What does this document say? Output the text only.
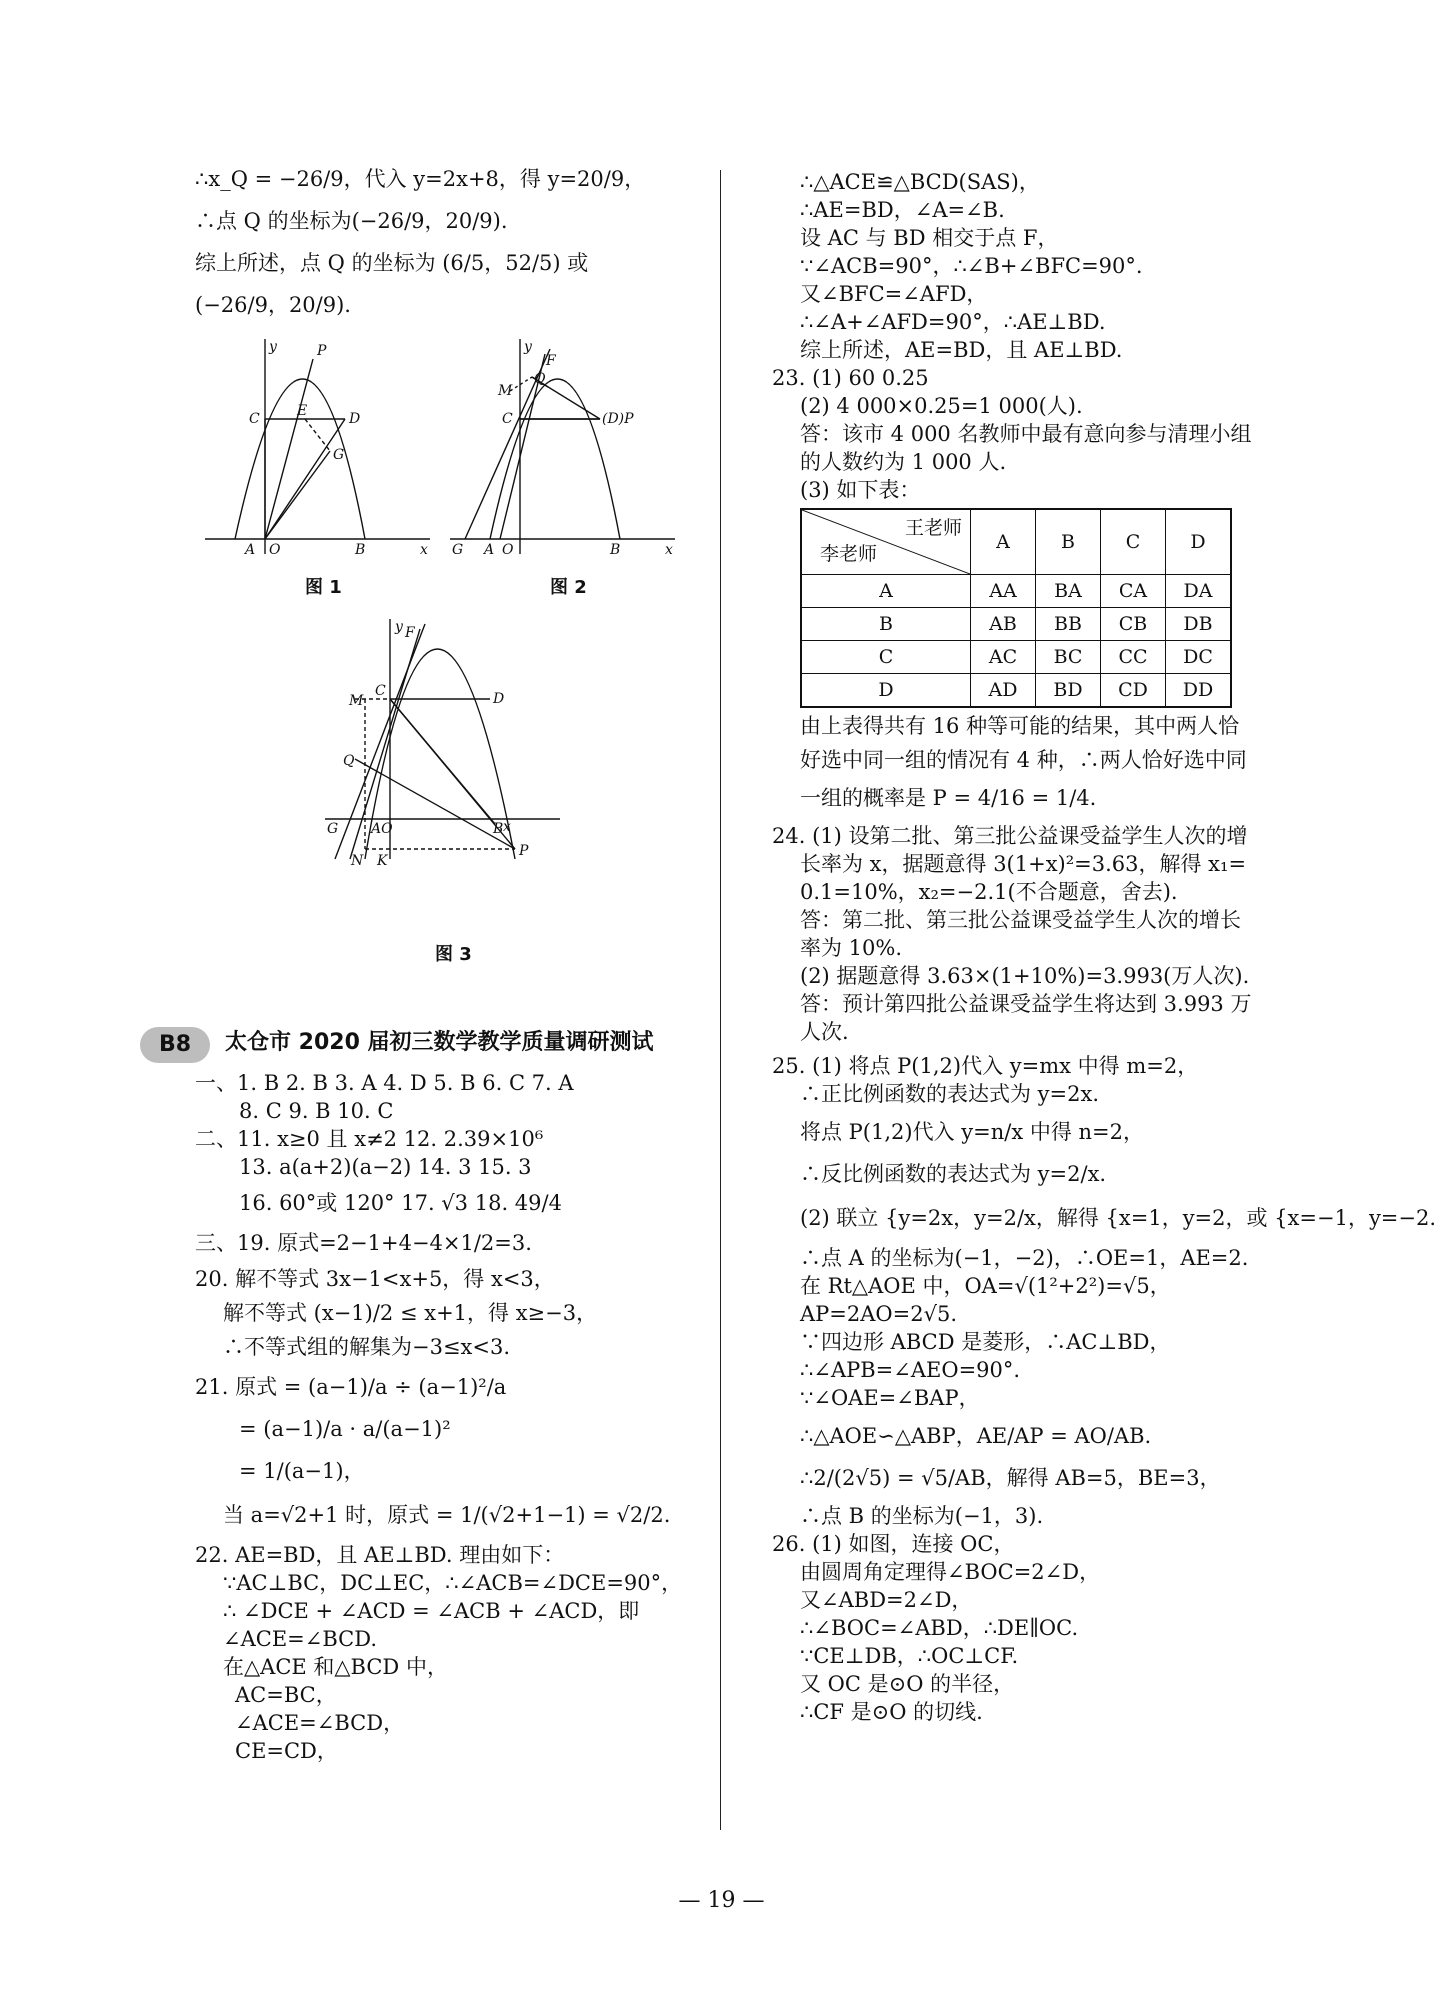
∴x_Q = −26/9，代入 y=2x+8，得 y=20/9，
∴点 Q 的坐标为(−26/9，20/9).
综上所述，点 Q 的坐标为 (6/5，52/5) 或
(−26/9，20/9).
A O	B	x
y	P
C	E	D
G
图 1
G A O	B	x
y
F
M
Q
C	(D)P
图 2
y F
M
C	D
Q
G AO	B x
N K
P
图 3
B8	太仓市 2020 届初三数学教学质量调研测试
一、1. B 2. B 3. A 4. D 5. B 6. C 7. A
8. C 9. B 10. C
二、11. x≥0 且 x≠2 12. 2.39×10⁶
13. a(a+2)(a−2) 14. 3 15. 3
16. 60°或 120° 17. √3 18. 49/4
三、19. 原式=2−1+4−4×1/2=3.
20. 解不等式 3x−1<x+5，得 x<3，
解不等式 (x−1)/2 ≤ x+1，得 x≥−3，
∴不等式组的解集为−3≤x<3.
21. 原式 = (a−1)/a ÷ (a−1)²/a
= (a−1)/a · a/(a−1)²
= 1/(a−1)，
当 a=√2+1 时，原式 = 1/(√2+1−1) = √2/2.
22. AE=BD，且 AE⊥BD. 理由如下：
∵AC⊥BC，DC⊥EC，∴∠ACB=∠DCE=90°，
∴ ∠DCE + ∠ACD = ∠ACB + ∠ACD，即
∠ACE=∠BCD.
在△ACE 和△BCD 中，
AC=BC，
∠ACE=∠BCD，
CE=CD，
∴△ACE≌△BCD(SAS)，
∴AE=BD，∠A=∠B.
设 AC 与 BD 相交于点 F，
∵∠ACB=90°，∴∠B+∠BFC=90°.
又∠BFC=∠AFD，
∴∠A+∠AFD=90°，∴AE⊥BD.
综上所述，AE=BD，且 AE⊥BD.
23. (1) 60 0.25
(2) 4 000×0.25=1 000(人).
答：该市 4 000 名教师中最有意向参与清理小组
的人数约为 1 000 人.
(3) 如下表：
王老师
李老师	A	B	C	D
A	AA	BA	CA	DA
B	AB	BB	CB	DB
C	AC	BC	CC	DC
D	AD	BD	CD	DD
由上表得共有 16 种等可能的结果，其中两人恰
好选中同一组的情况有 4 种，∴两人恰好选中同
一组的概率是 P = 4/16 = 1/4.
24. (1) 设第二批、第三批公益课受益学生人次的增
长率为 x，据题意得 3(1+x)²=3.63，解得 x₁=
0.1=10%，x₂=−2.1(不合题意，舍去).
答：第二批、第三批公益课受益学生人次的增长
率为 10%.
(2) 据题意得 3.63×(1+10%)=3.993(万人次).
答：预计第四批公益课受益学生将达到 3.993 万
人次.
25. (1) 将点 P(1,2)代入 y=mx 中得 m=2，
∴正比例函数的表达式为 y=2x.
将点 P(1,2)代入 y=n/x 中得 n=2，
∴反比例函数的表达式为 y=2/x.
(2) 联立 {y=2x，y=2/x，解得 {x=1，y=2，或 {x=−1，y=−2.
∴点 A 的坐标为(−1，−2)，∴OE=1，AE=2.
在 Rt△AOE 中，OA=√(1²+2²)=√5，
AP=2AO=2√5.
∵四边形 ABCD 是菱形，∴AC⊥BD，
∴∠APB=∠AEO=90°.
∵∠OAE=∠BAP，
∴△AOE∽△ABP，AE/AP = AO/AB.
∴2/(2√5) = √5/AB，解得 AB=5，BE=3，
∴点 B 的坐标为(−1，3).
26. (1) 如图，连接 OC，
由圆周角定理得∠BOC=2∠D，
又∠ABD=2∠D，
∴∠BOC=∠ABD，∴DE∥OC.
∵CE⊥DB，∴OC⊥CF.
又 OC 是⊙O 的半径，
∴CF 是⊙O 的切线.
— 19 —
